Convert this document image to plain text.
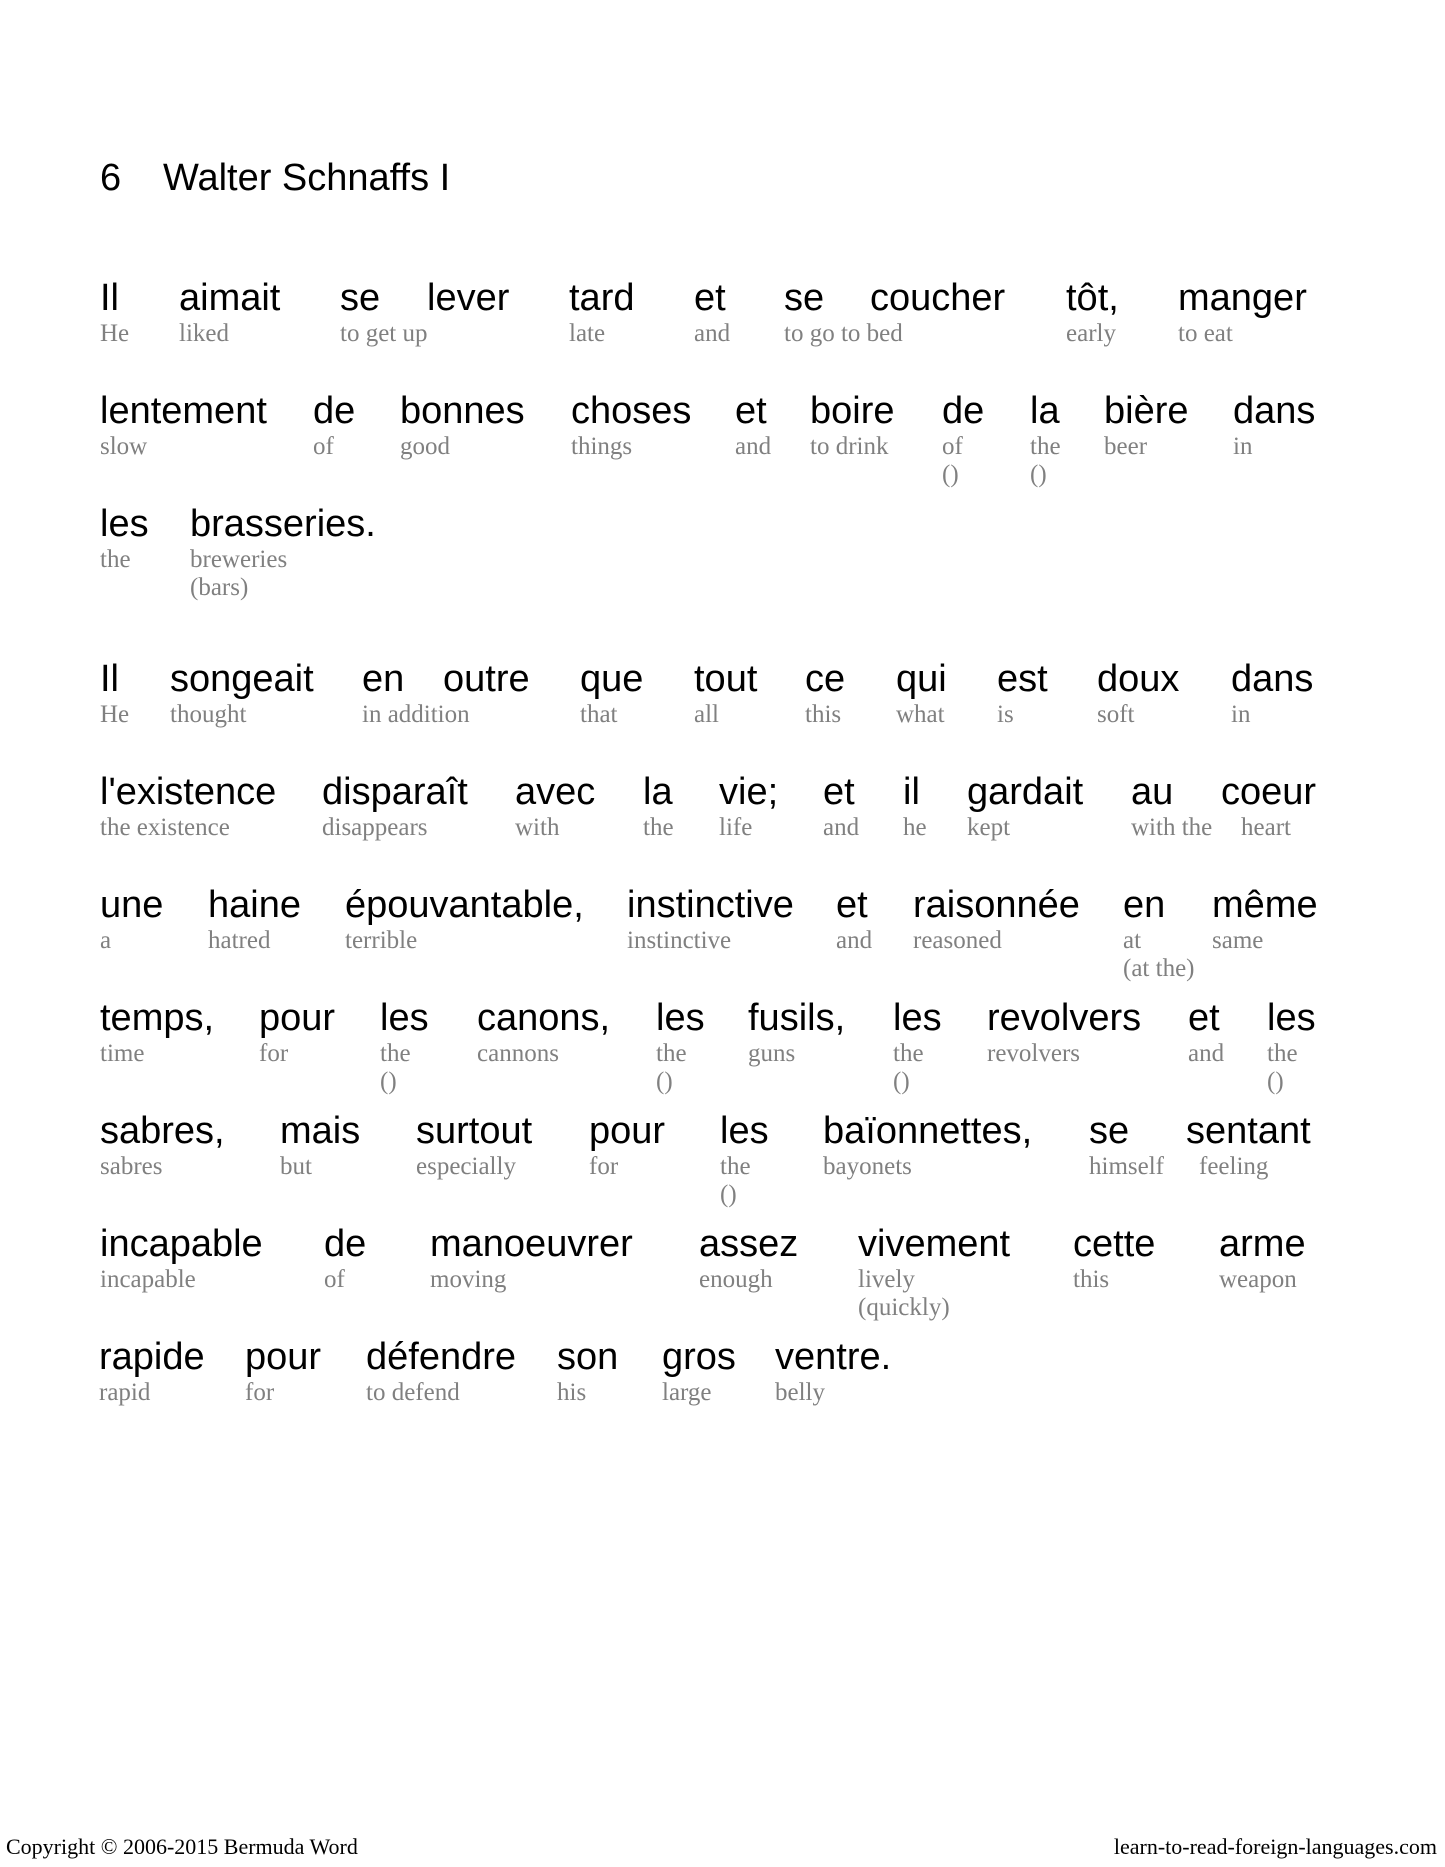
6 Walter Schnaffs I
Il
He
aimait
liked
se
to get up
lever tard
late
et
and
se
to go to bed
coucher tôt,
early
manger
to eat
lentement
slow
de
of
bonnes
good
choses
things
et
and
boire
to drink
de
of
()
la
the
()
bière
beer
dans
in
les
the
brasseries.
breweries
(bars)
Il
He
songeait
thought
en
in addition
outre que
that
tout
all
ce
this
qui
what
est
is
doux
soft
dans
in
l'existence
the existence
disparaît
disappears
avec
with
la
the
vie;
life
et
and
il
he
gardait
kept
au
with the
coeur
heart
une
a
haine
hatred
épouvantable,
terrible
instinctive
instinctive
et
and
raisonnée
reasoned
en
at
(at the)
même
same
temps,
time
pour
for
les
the
()
canons,
cannons
les
the
()
fusils,
guns
les
the
()
revolvers
revolvers
et
and
les
the
()
sabres,
sabres
mais
but
surtout
especially
pour
for
les
the
()
baïonnettes,
bayonets
se
himself
sentant
feeling
incapable
incapable
de
of
manoeuvrer
moving
assez
enough
vivement
lively
(quickly)
cette
this
arme
weapon
rapide
rapid
pour
for
défendre
to defend
son
his
gros
large
ventre.
belly
Copyright © 2006-2015 Bermuda Word	learn-to-read-foreign-languages.com
